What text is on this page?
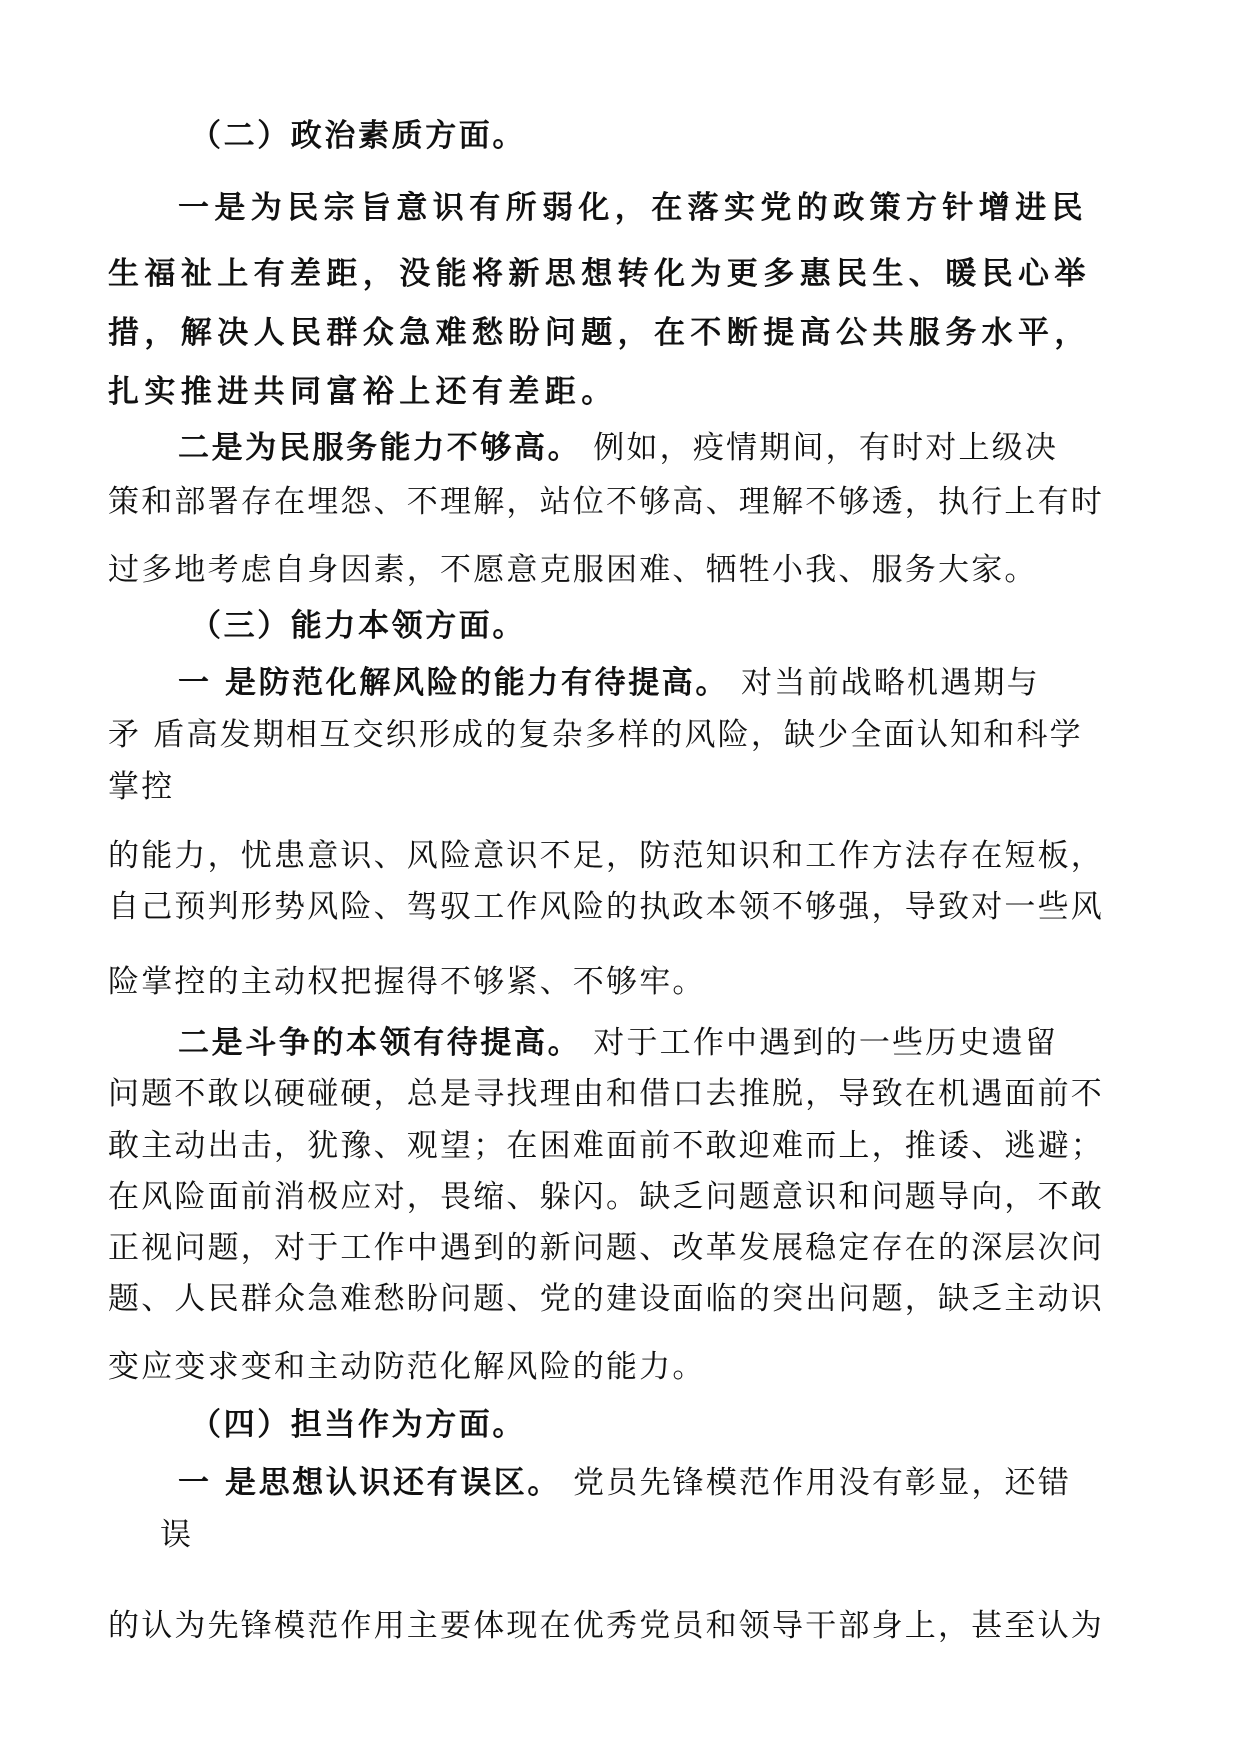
（二）政治素质方面。
一是为民宗旨意识有所弱化，在落实党的政策方针增进民
生福祉上有差距，没能将新思想转化为更多惠民生、暖民心举
措，解决人民群众急难愁盼问题，在不断提高公共服务水平，
扎实推进共同富裕上还有差距。
二是为民服务能力不够高。 例如，疫情期间，有时对上级决
策和部署存在埋怨、不理解，站位不够高、理解不够透，执行上有时
过多地考虑自身因素，不愿意克服困难、牺牲小我、服务大家。
（三）能力本领方面。
一 是防范化解风险的能力有待提高。 对当前战略机遇期与
矛 盾高发期相互交织形成的复杂多样的风险，缺少全面认知和科学
掌控
的能力，忧患意识、风险意识不足，防范知识和工作方法存在短板，
自己预判形势风险、驾驭工作风险的执政本领不够强，导致对一些风
险掌控的主动权把握得不够紧、不够牢。
二是斗争的本领有待提高。 对于工作中遇到的一些历史遗留
问题不敢以硬碰硬，总是寻找理由和借口去推脱，导致在机遇面前不
敢主动出击，犹豫、观望；在困难面前不敢迎难而上，推诿、逃避；
在风险面前消极应对，畏缩、躲闪。缺乏问题意识和问题导向，不敢
正视问题，对于工作中遇到的新问题、改革发展稳定存在的深层次问
题、人民群众急难愁盼问题、党的建设面临的突出问题，缺乏主动识
变应变求变和主动防范化解风险的能力。
（四）担当作为方面。
一 是思想认识还有误区。 党员先锋模范作用没有彰显，还错
误
的认为先锋模范作用主要体现在优秀党员和领导干部身上，甚至认为
